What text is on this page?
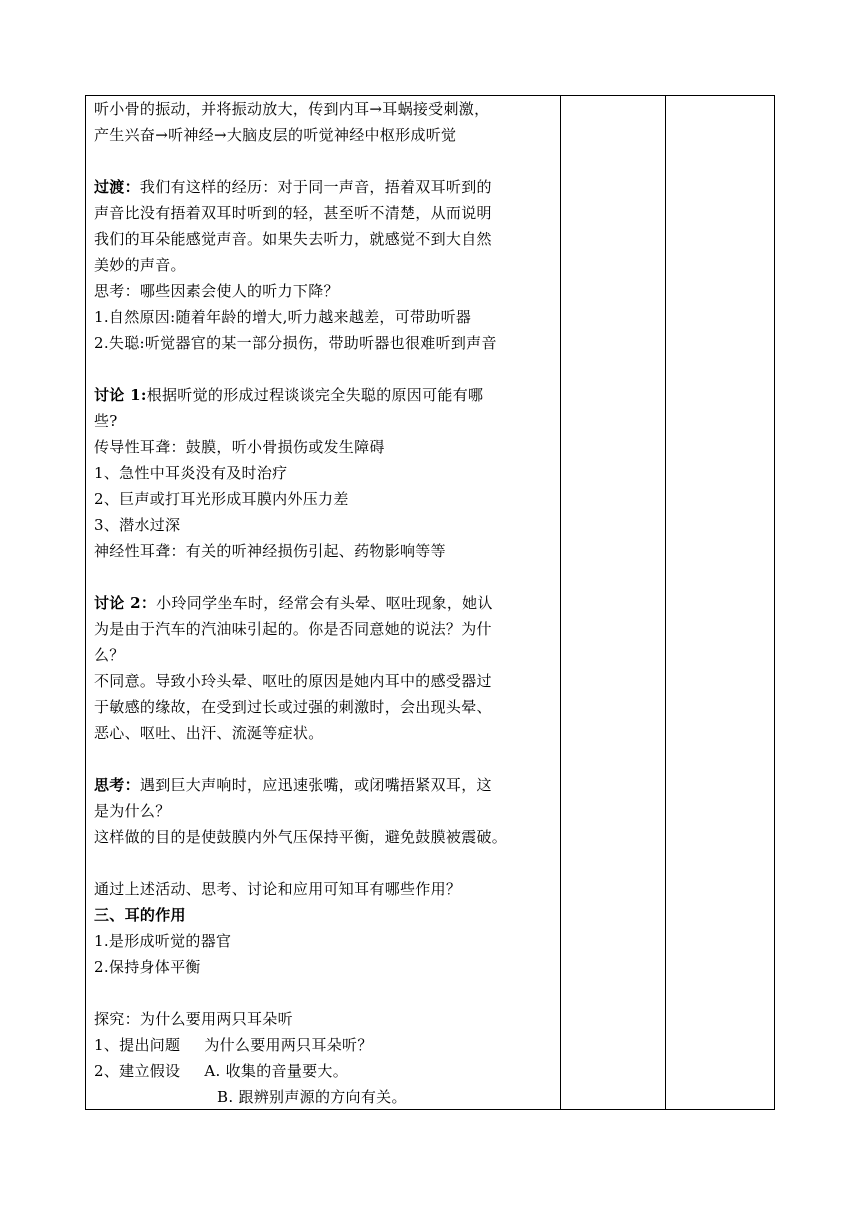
听小骨的振动，并将振动放大，传到内耳→耳蜗接受刺激，
产生兴奋→听神经→大脑皮层的听觉神经中枢形成听觉
过渡：我们有这样的经历：对于同一声音，捂着双耳听到的
声音比没有捂着双耳时听到的轻，甚至听不清楚，从而说明
我们的耳朵能感觉声音。如果失去听力，就感觉不到大自然
美妙的声音。
思考：哪些因素会使人的听力下降？
1.自然原因:随着年龄的增大,听力越来越差，可带助听器
2.失聪:听觉器官的某一部分损伤，带助听器也很难听到声音
讨论 1:根据听觉的形成过程谈谈完全失聪的原因可能有哪
些?
传导性耳聋：鼓膜，听小骨损伤或发生障碍
1、急性中耳炎没有及时治疗
2、巨声或打耳光形成耳膜内外压力差
3、潜水过深
神经性耳聋：有关的听神经损伤引起、药物影响等等
讨论 2：小玲同学坐车时，经常会有头晕、呕吐现象，她认
为是由于汽车的汽油味引起的。你是否同意她的说法？为什
么？
不同意。导致小玲头晕、呕吐的原因是她内耳中的感受器过
于敏感的缘故，在受到过长或过强的刺激时，会出现头晕、
恶心、呕吐、出汗、流涎等症状。
思考：遇到巨大声响时，应迅速张嘴，或闭嘴捂紧双耳，这
是为什么？
这样做的目的是使鼓膜内外气压保持平衡，避免鼓膜被震破。
通过上述活动、思考、讨论和应用可知耳有哪些作用？
三、耳的作用
1.是形成听觉的器官
2.保持身体平衡
探究：为什么要用两只耳朵听
1、提出问题 为什么要用两只耳朵听？
2、建立假设 A. 收集的音量要大。
B. 跟辨别声源的方向有关。
